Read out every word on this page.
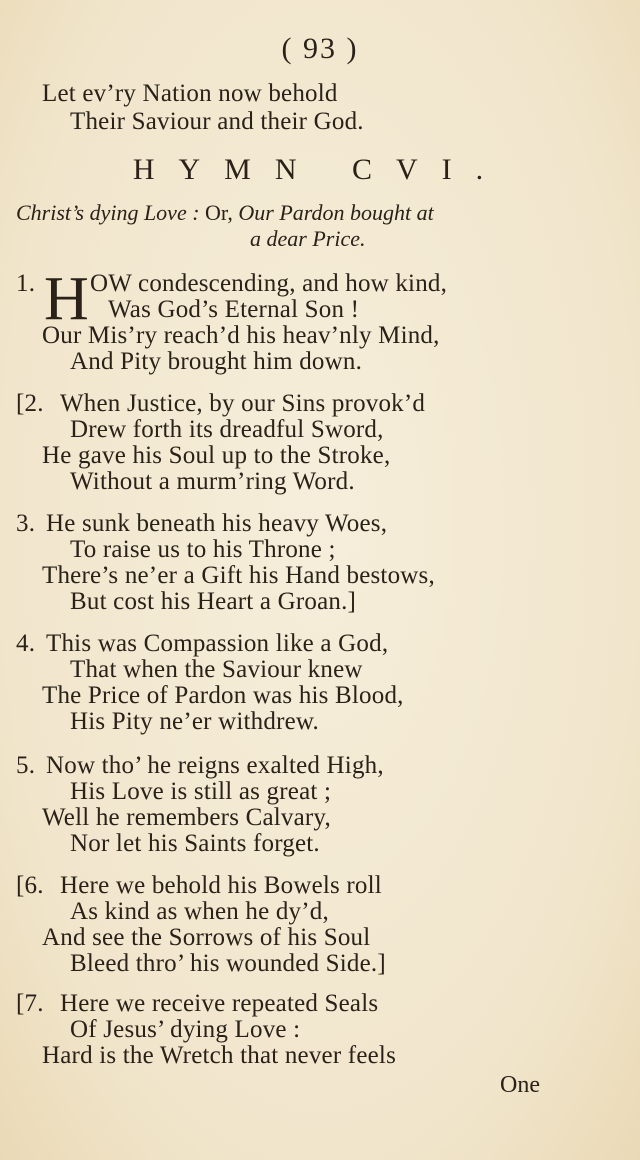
( 93 )
Let ev’ry Nation now behold
Their Saviour and their God.
HYMN CVI.
Christ’s dying Love : Or, Our Pardon bought at
a dear Price.
1. H OW condescending, and how kind,
Was God’s Eternal Son !
Our Mis’ry reach’d his heav’nly Mind,
And Pity brought him down.
[2. When Justice, by our Sins provok’d
Drew forth its dreadful Sword,
He gave his Soul up to the Stroke,
Without a murm’ring Word.
3. He sunk beneath his heavy Woes,
To raise us to his Throne ;
There’s ne’er a Gift his Hand bestows,
But cost his Heart a Groan.]
4. This was Compassion like a God,
That when the Saviour knew
The Price of Pardon was his Blood,
His Pity ne’er withdrew.
5. Now tho’ he reigns exalted High,
His Love is still as great ;
Well he remembers Calvary,
Nor let his Saints forget.
[6. Here we behold his Bowels roll
As kind as when he dy’d,
And see the Sorrows of his Soul
Bleed thro’ his wounded Side.]
[7. Here we receive repeated Seals
Of Jesus’ dying Love :
Hard is the Wretch that never feels
One
